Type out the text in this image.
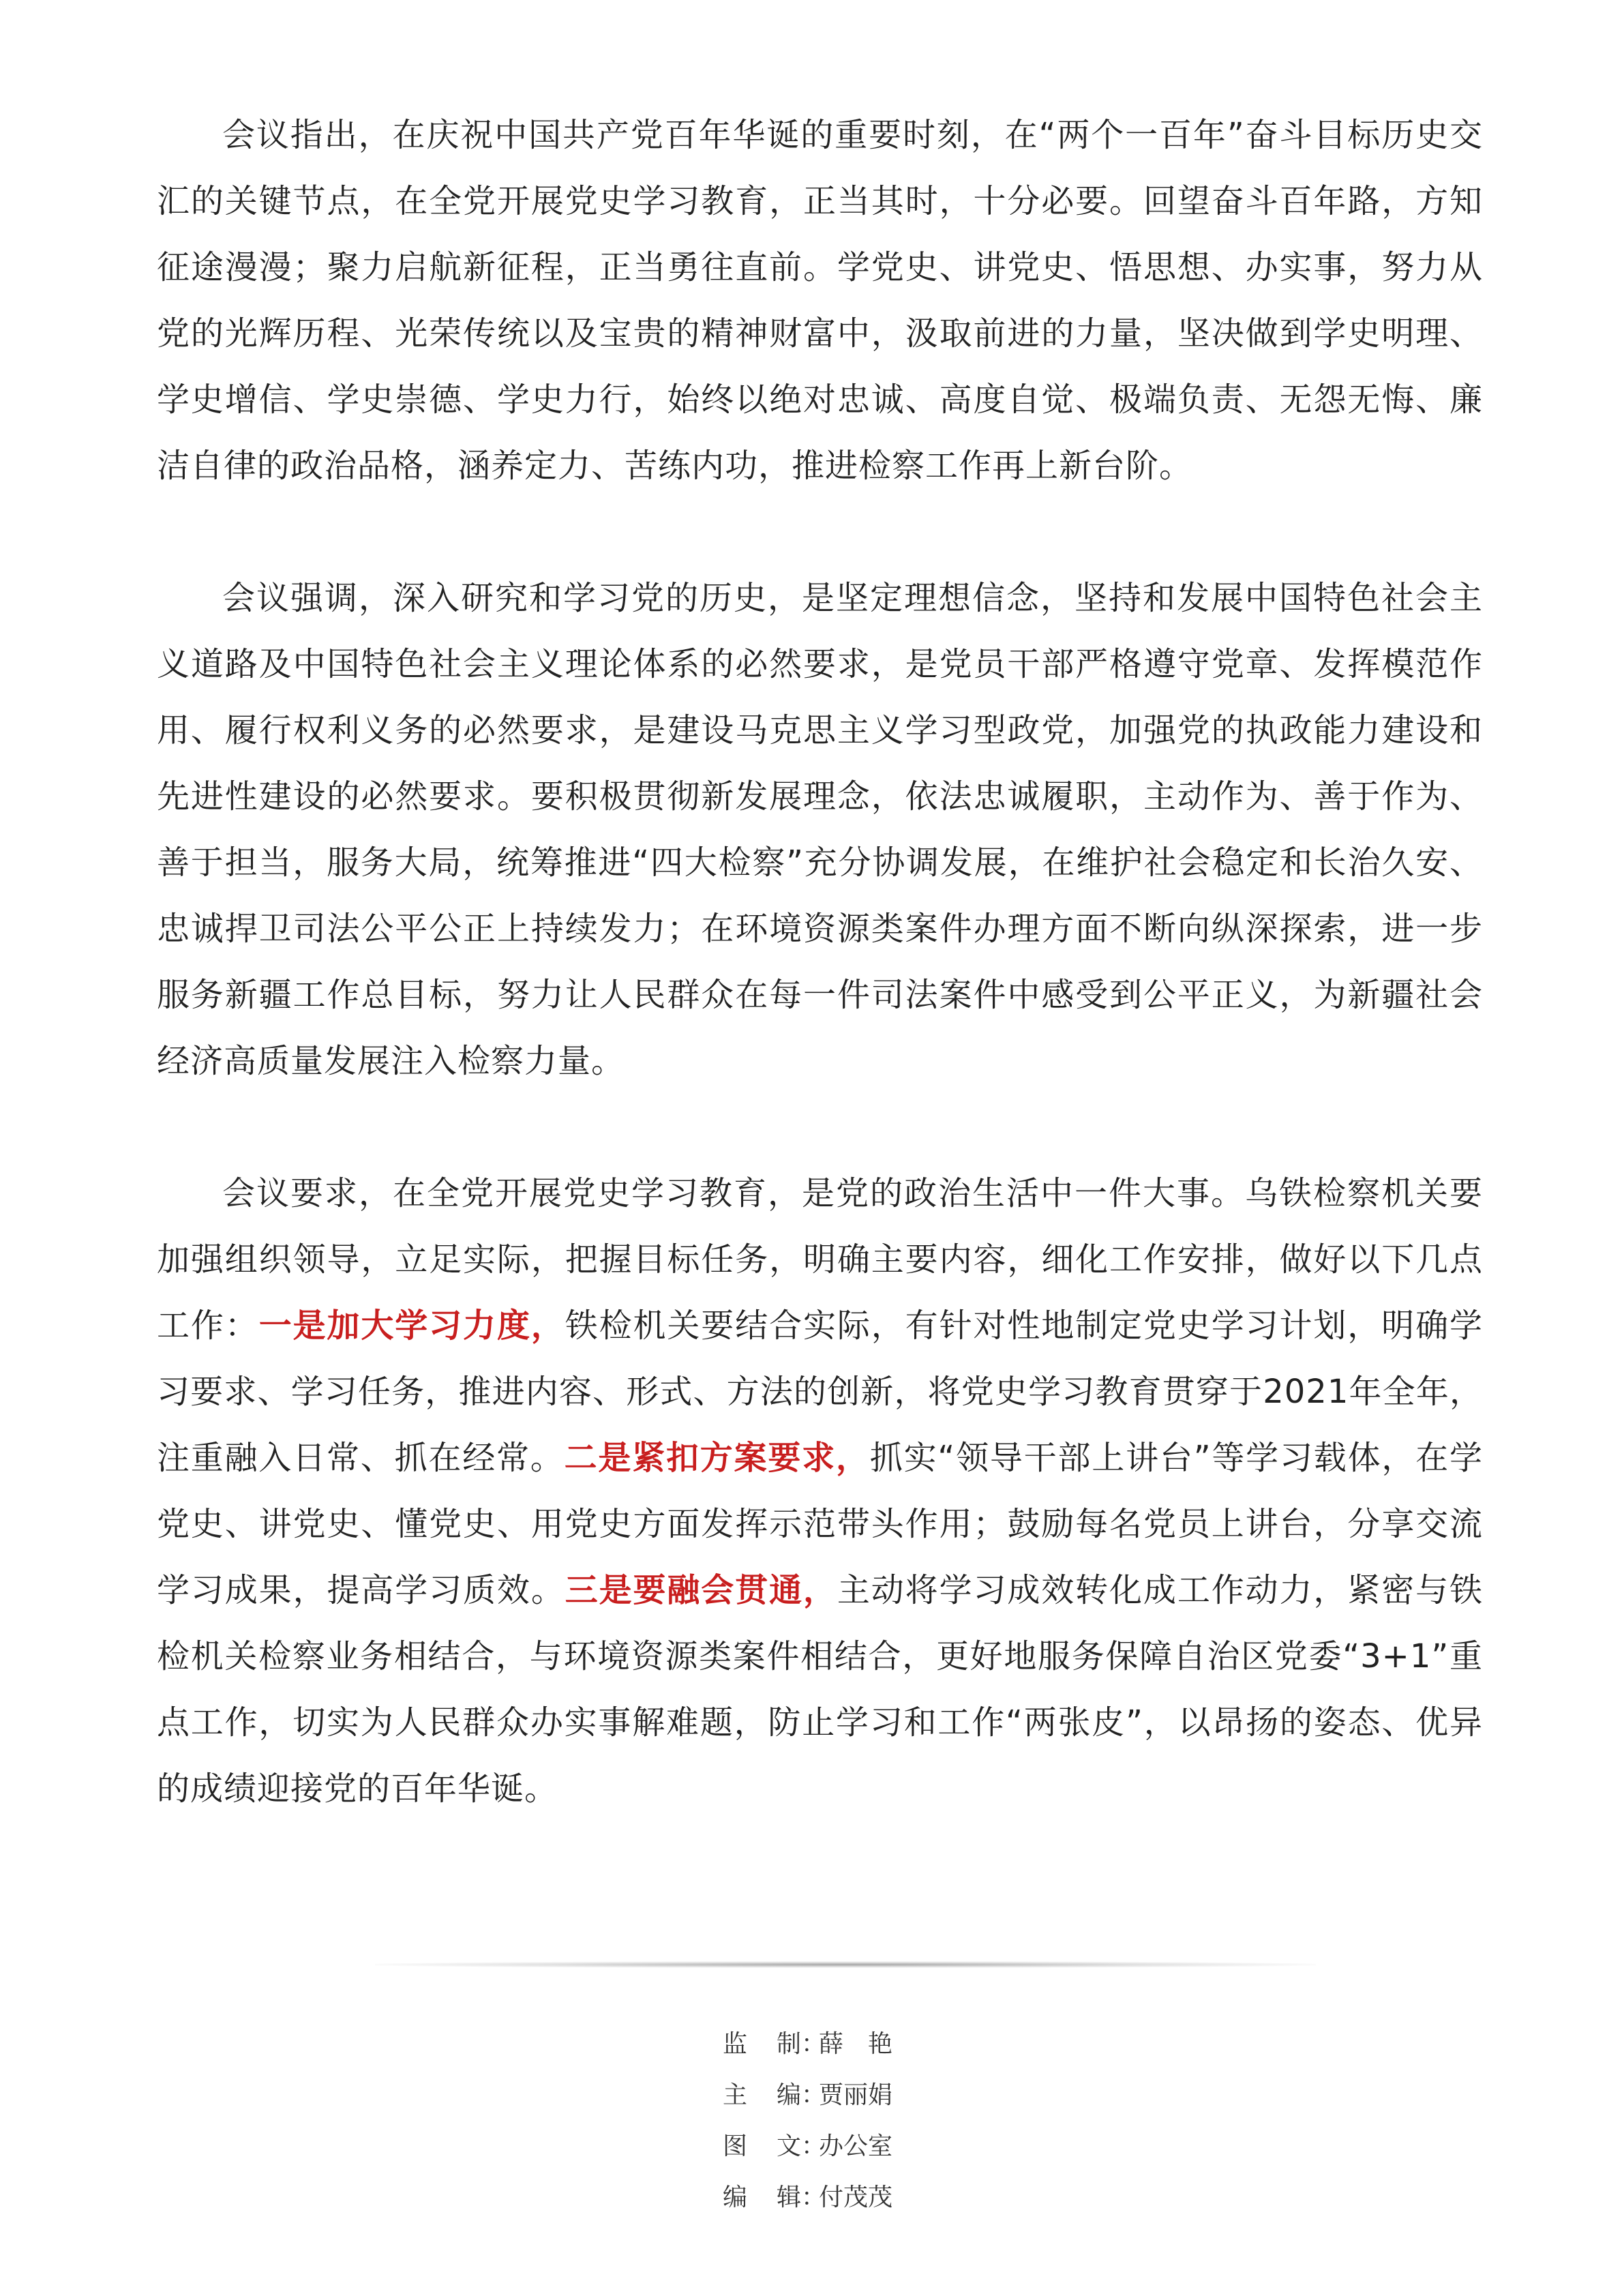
会议指出，在庆祝中国共产党百年华诞的重要时刻，在“两个一百年”奋斗目标历史交汇的关键节点，在全党开展党史学习教育，正当其时，十分必要。回望奋斗百年路，方知征途漫漫；聚力启航新征程，正当勇往直前。学党史、讲党史、悟思想、办实事，努力从党的光辉历程、光荣传统以及宝贵的精神财富中，汲取前进的力量，坚决做到学史明理、学史增信、学史崇德、学史力行，始终以绝对忠诚、高度自觉、极端负责、无怨无悔、廉洁自律的政治品格，涵养定力、苦练内功，推进检察工作再上新台阶。

会议强调，深入研究和学习党的历史，是坚定理想信念，坚持和发展中国特色社会主义道路及中国特色社会主义理论体系的必然要求，是党员干部严格遵守党章、发挥模范作用、履行权利义务的必然要求，是建设马克思主义学习型政党，加强党的执政能力建设和先进性建设的必然要求。要积极贯彻新发展理念，依法忠诚履职，主动作为、善于作为、善于担当，服务大局，统筹推进“四大检察”充分协调发展，在维护社会稳定和长治久安、忠诚捍卫司法公平公正上持续发力；在环境资源类案件办理方面不断向纵深探索，进一步服务新疆工作总目标，努力让人民群众在每一件司法案件中感受到公平正义，为新疆社会经济高质量发展注入检察力量。

会议要求，在全党开展党史学习教育，是党的政治生活中一件大事。乌铁检察机关要加强组织领导，立足实际，把握目标任务，明确主要内容，细化工作安排，做好以下几点工作：一是加大学习力度，铁检机关要结合实际，有针对性地制定党史学习计划，明确学习要求、学习任务，推进内容、形式、方法的创新，将党史学习教育贯穿于2021年全年，注重融入日常、抓在经常。二是紧扣方案要求，抓实“领导干部上讲台”等学习载体，在学党史、讲党史、懂党史、用党史方面发挥示范带头作用；鼓励每名党员上讲台，分享交流学习成果，提高学习质效。三是要融会贯通，主动将学习成效转化成工作动力，紧密与铁检机关检察业务相结合，与环境资源类案件相结合，更好地服务保障自治区党委“3+1”重点工作，切实为人民群众办实事解难题，防止学习和工作“两张皮”，以昂扬的姿态、优异的成绩迎接党的百年华诞。

监制 ：
薛　艳
主编 ：
贾丽娟
图文 ：
办公室
编辑 ：
付茂茂
